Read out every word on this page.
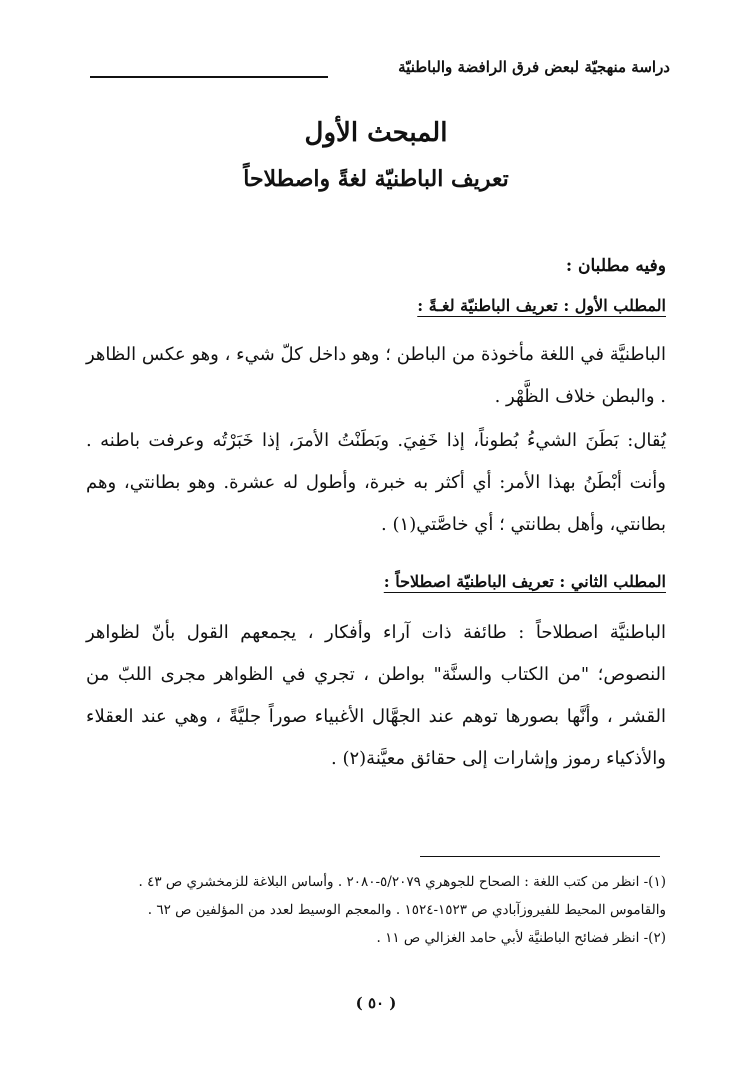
دراسة منهجيّة لبعض فرق الرافضة والباطنيّة
المبحث الأول
تعريف الباطنيّة لغةً واصطلاحاً
وفيه مطلبان :
المطلب الأول : تعريف الباطنيّة لغـةً :
الباطنيَّة في اللغة مأخوذة من الباطن ؛ وهو داخل كلّ شيء ، وهو عكس الظاهر . والبطن خلاف الظَّهْر .
يُقال: بَطَنَ الشيءُ بُطوناً، إذا خَفِيَ. وبَطَنْتُ الأمرَ، إذا خَبَرْتُه وعرفت باطنه . وأنت أبْطَنُ بهذا الأمر: أي أكثر به خبرة، وأطول له عشرة. وهو بطانتي، وهم بطانتي، وأهل بطانتي ؛ أي خاصَّتي(١) .
المطلب الثاني : تعريف الباطنيّة اصطلاحاً :
الباطنيَّة اصطلاحاً : طائفة ذات آراء وأفكار ، يجمعهم القول بأنّ لظواهر النصوص؛ "من الكتاب والسنَّة" بواطن ، تجري في الظواهر مجرى اللبّ من القشر ، وأنَّها بصورها توهم عند الجهَّال الأغبياء صوراً جليَّةً ، وهي عند العقلاء والأذكياء رموز وإشارات إلى حقائق معيَّنة(٢) .

(١)- انظر من كتب اللغة : الصحاح للجوهري ٥/٢٠٧٩-٢٠٨٠ . وأساس البلاغة للزمخشري ص ٤٣ . والقاموس المحيط للفيروزآبادي ص ١٥٢٣-١٥٢٤ . والمعجم الوسيط لعدد من المؤلفين ص ٦٢ .

(٢)- انظر فضائح الباطنيَّة لأبي حامد الغزالي ص ١١ .

( ٥٠ )
